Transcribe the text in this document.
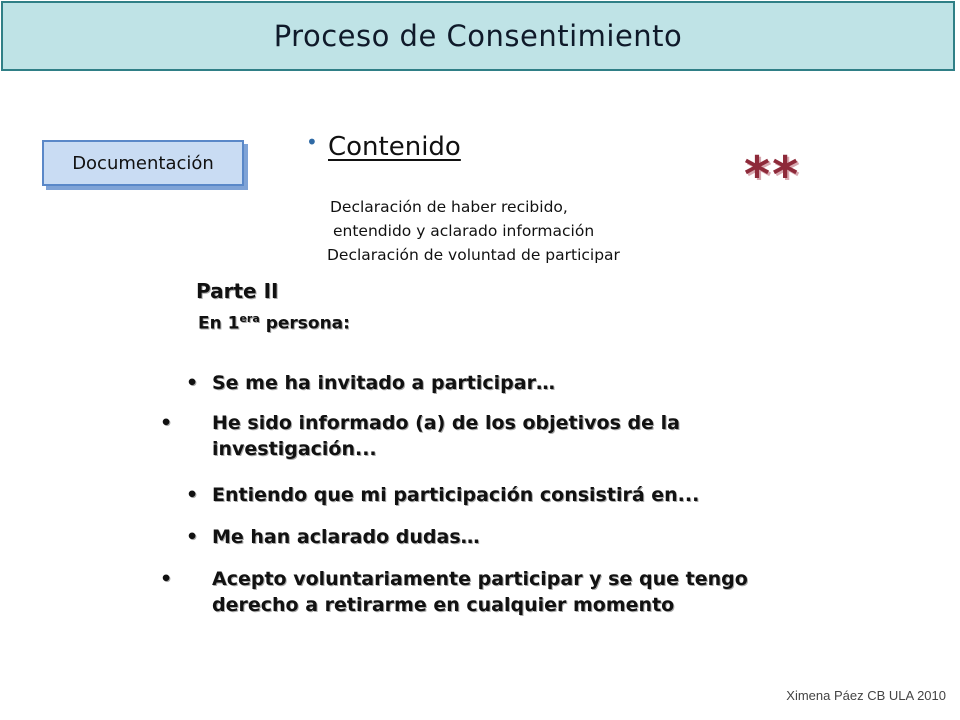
Proceso de Consentimiento
Documentación
• Contenido	**
Declaración de haber recibido,
entendido y aclarado información
Declaración de voluntad de participar
Parte II
En $1^{era}$ persona:
• Se me ha invitado a participar…
• He sido informado (a) de los objetivos de la investigación...
• Entiendo que mi participación consistirá en...
• Me han aclarado dudas…
• Acepto voluntariamente participar y se que tengo derecho a retirarme en cualquier momento
Ximena Páez CB ULA 2010
